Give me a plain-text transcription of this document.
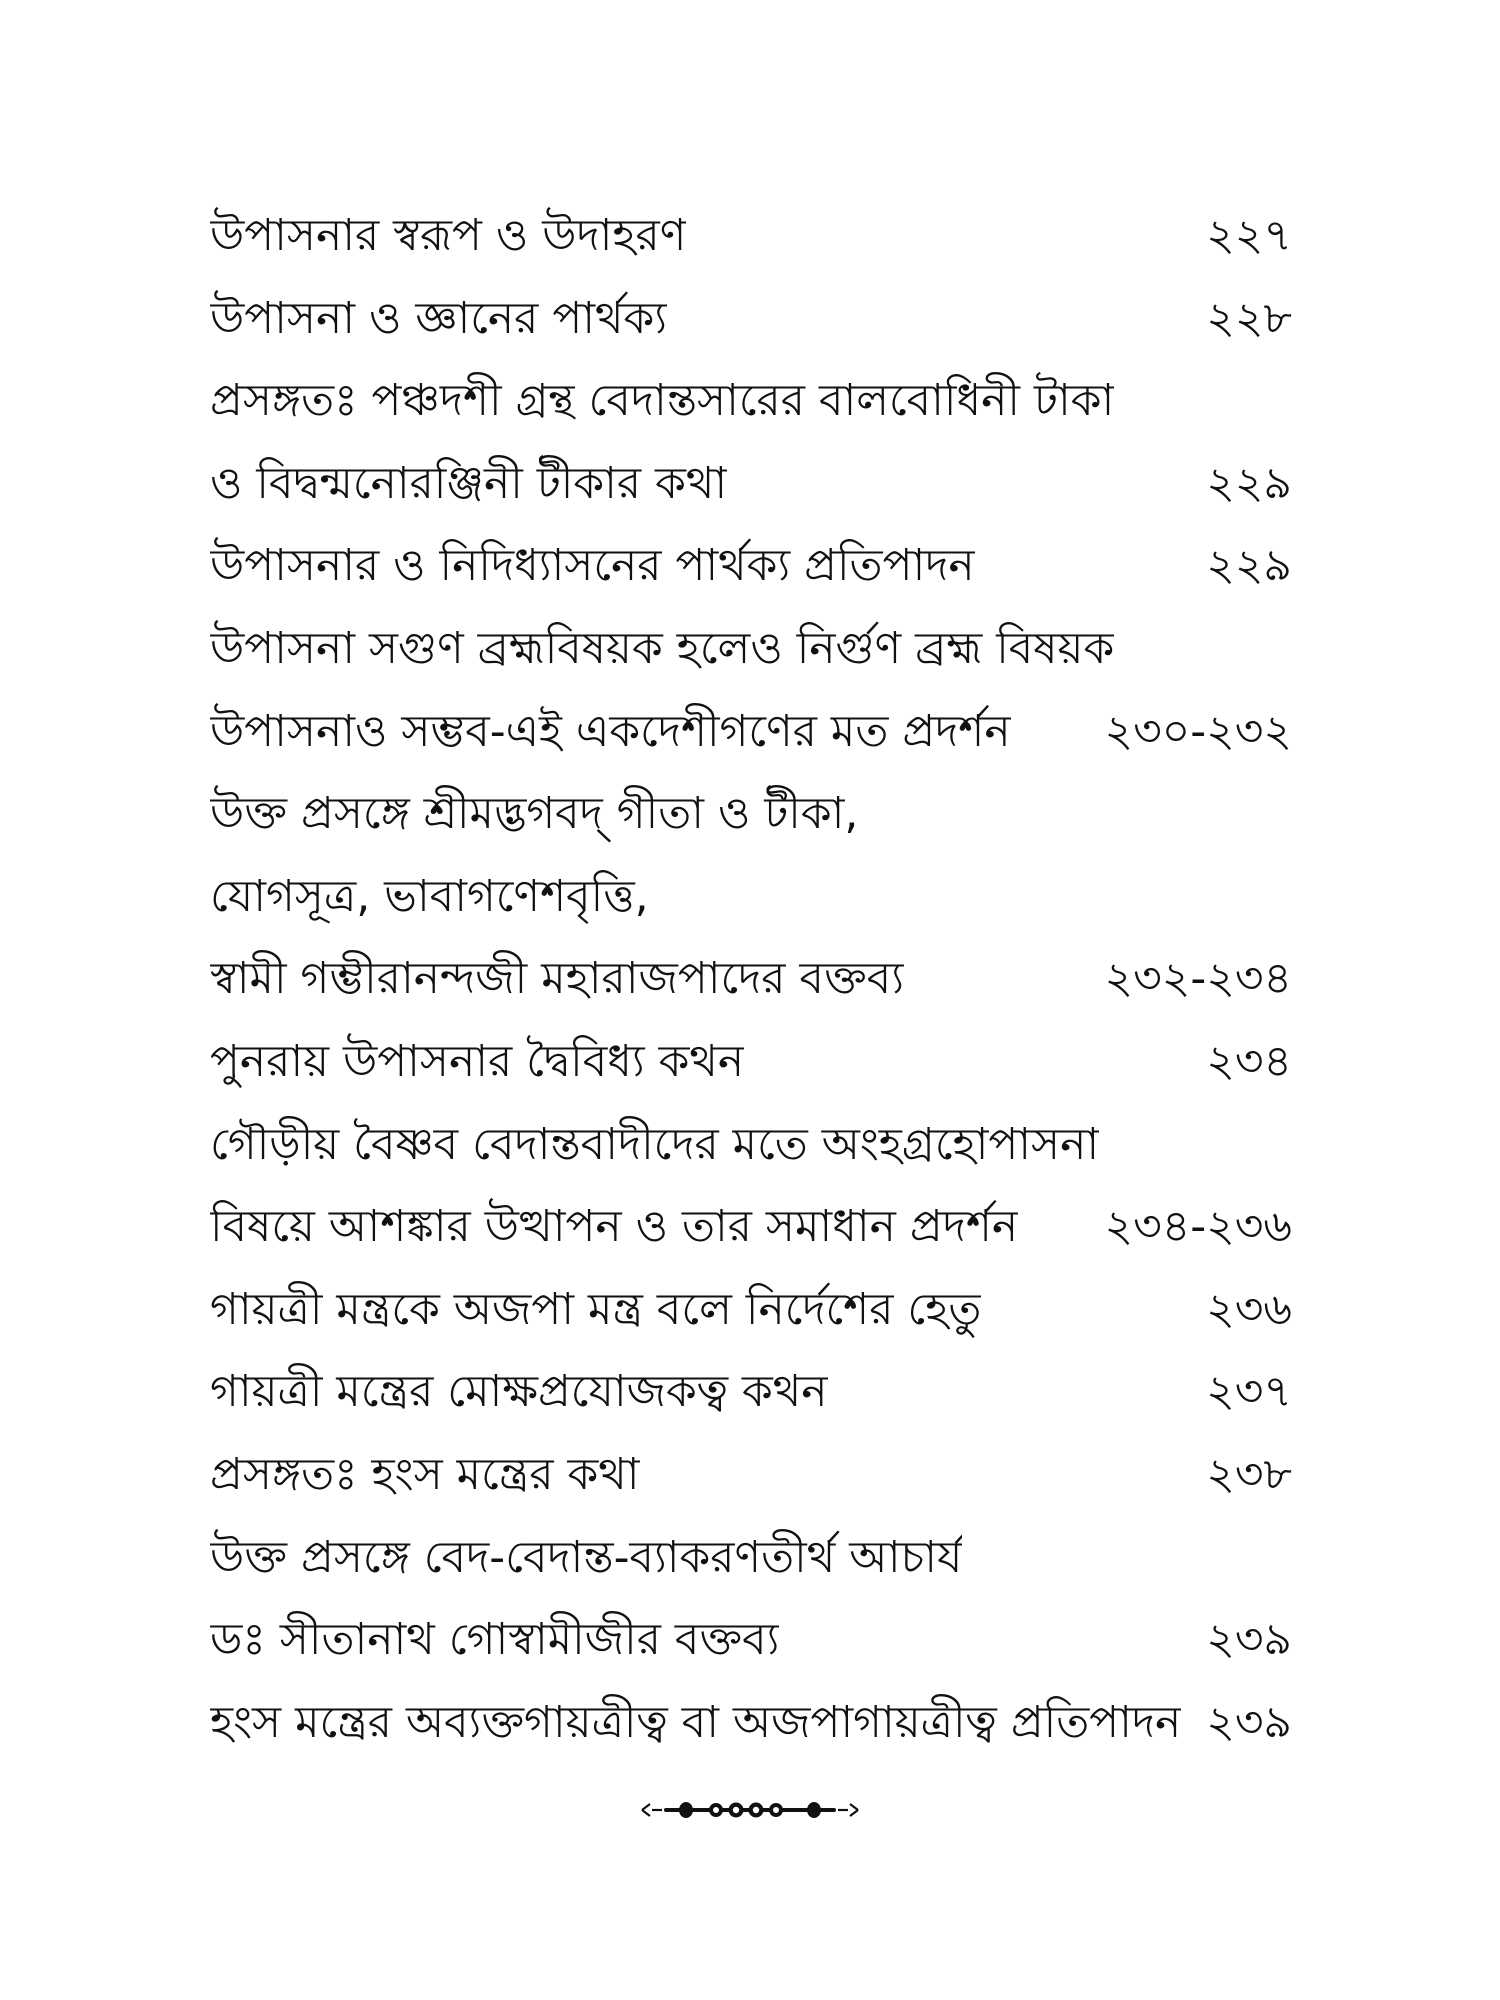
উপাসনার স্বরূপ ও উদাহরণ	২২৭
উপাসনা ও জ্ঞানের পার্থক্য	২২৮
প্রসঙ্গতঃ পঞ্চদশী গ্রন্থ বেদান্তসারের বালবোধিনী টাকা
ও বিদ্বন্মনোরঞ্জিনী টীকার কথা	২২৯
উপাসনার ও নিদিধ্যাসনের পার্থক্য প্রতিপাদন	২২৯
উপাসনা সগুণ ব্রহ্মবিষয়ক হলেও নির্গুণ ব্রহ্ম বিষয়ক
উপাসনাও সম্ভব-এই একদেশীগণের মত প্রদর্শন	২৩০-২৩২
উক্ত প্রসঙ্গে শ্রীমদ্ভগবদ্ গীতা ও টীকা,
যোগসূত্র, ভাবাগণেশবৃত্তি,
স্বামী গম্ভীরানন্দজী মহারাজপাদের বক্তব্য	২৩২-২৩৪
পুনরায় উপাসনার দ্বৈবিধ্য কথন	২৩৪
গৌড়ীয় বৈষ্ণব বেদান্তবাদীদের মতে অংহগ্রহোপাসনা
বিষয়ে আশঙ্কার উত্থাপন ও তার সমাধান প্রদর্শন	২৩৪-২৩৬
গায়ত্রী মন্ত্রকে অজপা মন্ত্র বলে নির্দেশের হেতু	২৩৬
গায়ত্রী মন্ত্রের মোক্ষপ্রযোজকত্ব কথন	২৩৭
প্রসঙ্গতঃ হংস মন্ত্রের কথা	২৩৮
উক্ত প্রসঙ্গে বেদ-বেদান্ত-ব্যাকরণতীর্থ আচার্য
ডঃ সীতানাথ গোস্বামীজীর বক্তব্য	২৩৯
হংস মন্ত্রের অব্যক্তগায়ত্রীত্ব বা অজপাগায়ত্রীত্ব প্রতিপাদন ২৩৯
